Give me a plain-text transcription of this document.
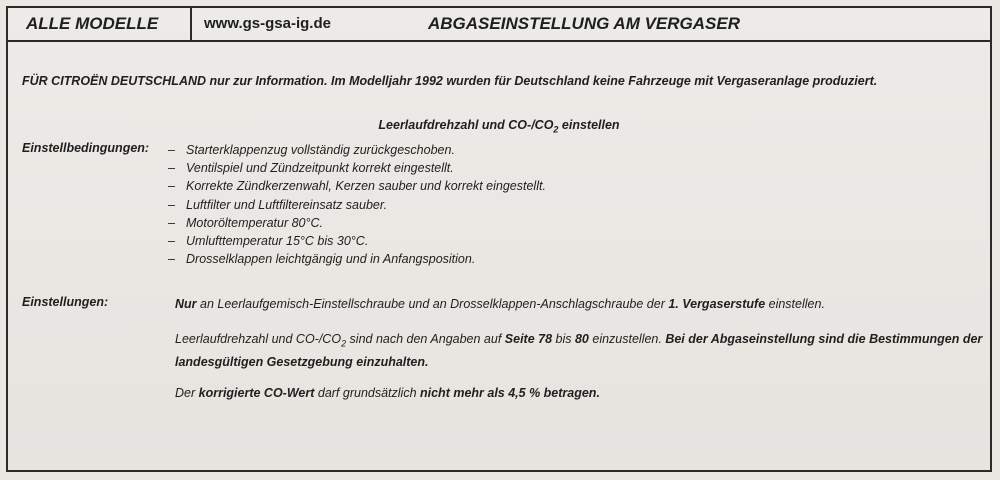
ALLE MODELLE	www.gs-gsa-ig.de	ABGASEINSTELLUNG AM VERGASER
FÜR CITROËN DEUTSCHLAND nur zur Information. Im Modelljahr 1992 wurden für Deutschland keine Fahrzeuge mit Vergaseranlage produziert.
Leerlaufdrehzahl und $CO-/CO_2$ einstellen
Einstellbedingungen: – Starterklappenzug vollständig zurückgeschoben.
– Ventilspiel und Zündzeitpunkt korrekt eingestellt.
– Korrekte Zündkerzenwahl, Kerzen sauber und korrekt eingestellt.
– Luftfilter und Luftfiltereinsatz sauber.
– Motoröltemperatur 80°C.
– Umlufttemperatur 15°C bis 30°C.
– Drosselklappen leichtgängig und in Anfangsposition.
Einstellungen:	Nur an Leerlaufgemisch-Einstellschraube und an Drosselklappen-Anschlagschraube der 1. Vergaserstufe einstellen.
Leerlaufdrehzahl und $CO-/CO_2$ sind nach den Angaben auf Seite 78 bis 80 einzustellen. Bei der Abgaseinstellung sind die Bestimmungen der landesgültigen Gesetzgebung einzuhalten.
Der korrigierte CO-Wert darf grundsätzlich nicht mehr als 4,5 % betragen.
